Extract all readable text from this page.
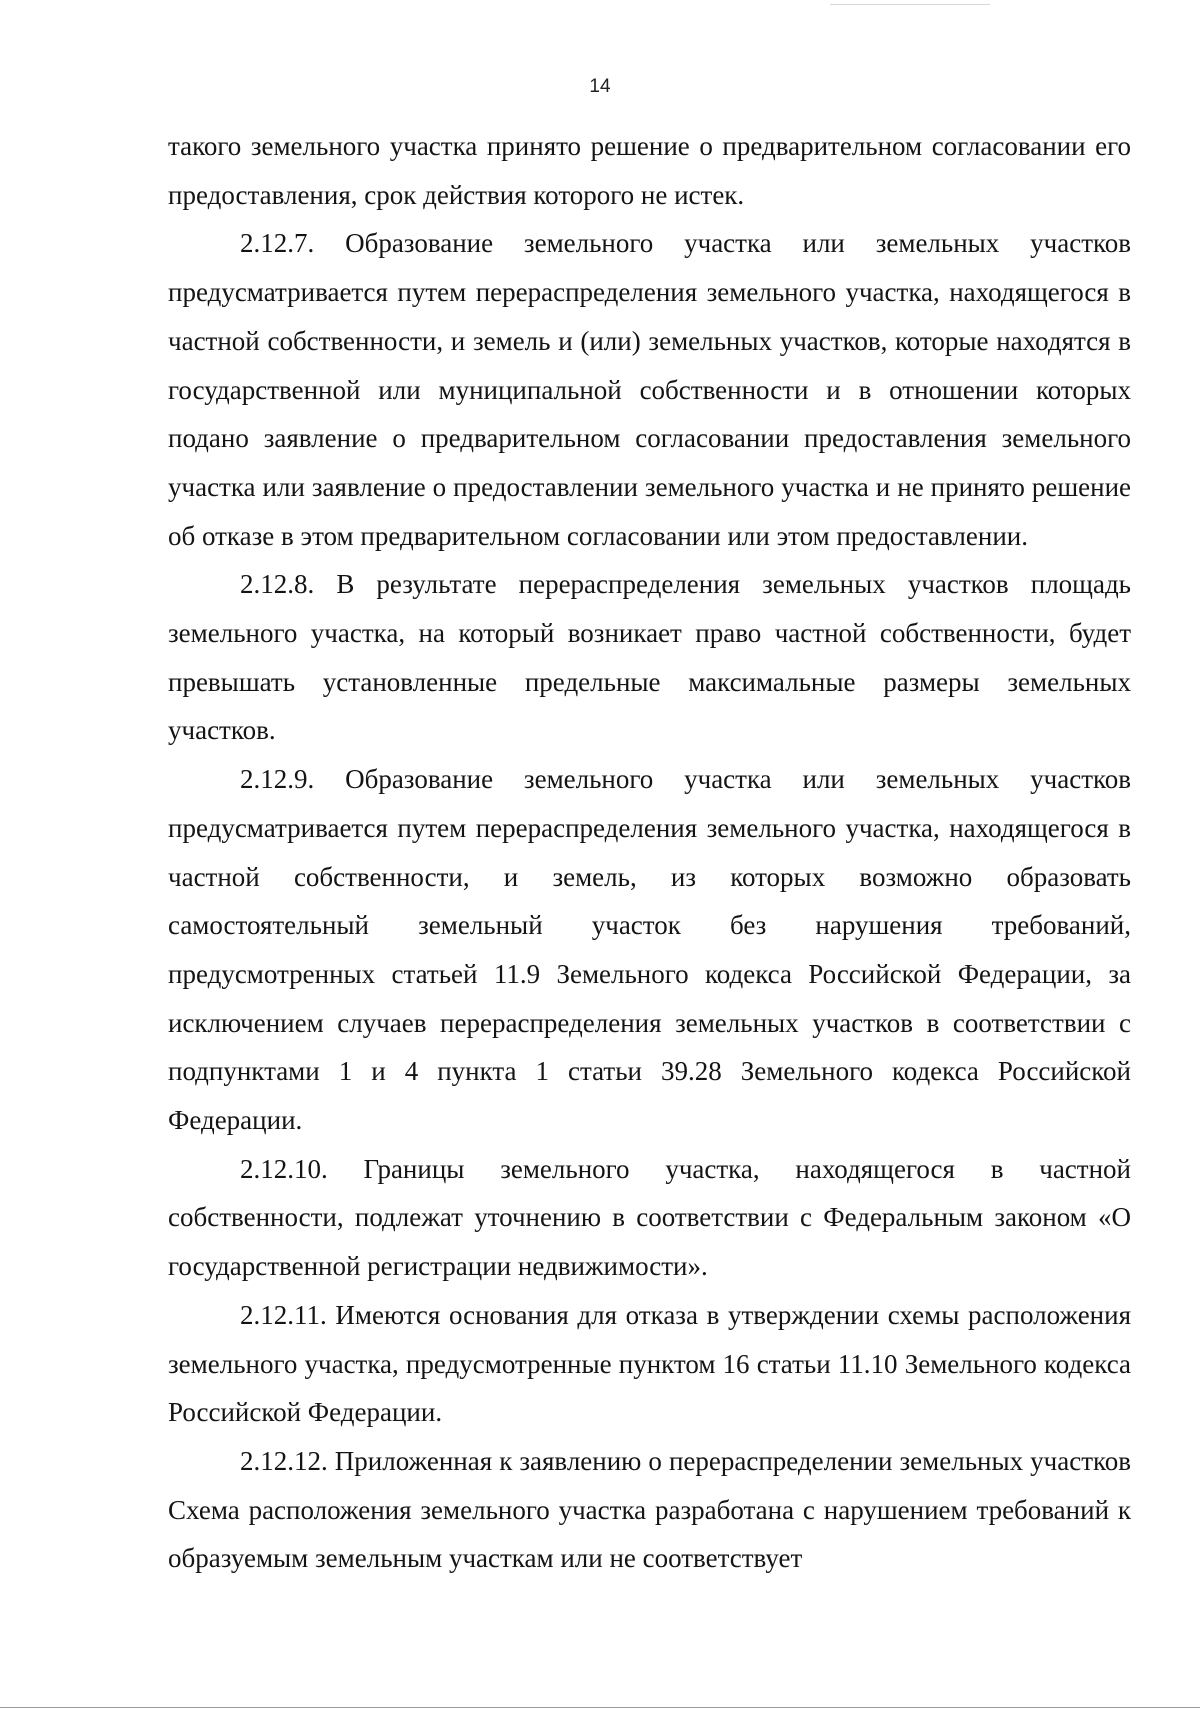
14

такого земельного участка принято решение о предварительном согласовании его предоставления, срок действия которого не истек.

2.12.7. Образование земельного участка или земельных участков предусматривается путем перераспределения земельного участка, находящегося в частной собственности, и земель и (или) земельных участков, которые находятся в государственной или муниципальной собственности и в отношении которых подано заявление о предварительном согласовании предоставления земельного участка или заявление о предоставлении земельного участка и не принято решение об отказе в этом предварительном согласовании или этом предоставлении.

2.12.8. В результате перераспределения земельных участков площадь земельного участка, на который возникает право частной собственности, будет превышать установленные предельные максимальные размеры земельных участков.

2.12.9. Образование земельного участка или земельных участков предусматривается путем перераспределения земельного участка, находящегося в частной собственности, и земель, из которых возможно образовать самостоятельный земельный участок без нарушения требований, предусмотренных статьей 11.9 Земельного кодекса Российской Федерации, за исключением случаев перераспределения земельных участков в соответствии с подпунктами 1 и 4 пункта 1 статьи 39.28 Земельного кодекса Российской Федерации.

2.12.10. Границы земельного участка, находящегося в частной собственности, подлежат уточнению в соответствии с Федеральным законом «О государственной регистрации недвижимости».

2.12.11. Имеются основания для отказа в утверждении схемы расположения земельного участка, предусмотренные пунктом 16 статьи 11.10 Земельного кодекса Российской Федерации.

2.12.12. Приложенная к заявлению о перераспределении земельных участков Схема расположения земельного участка разработана с нарушением требований к образуемым земельным участкам или не соответствует
